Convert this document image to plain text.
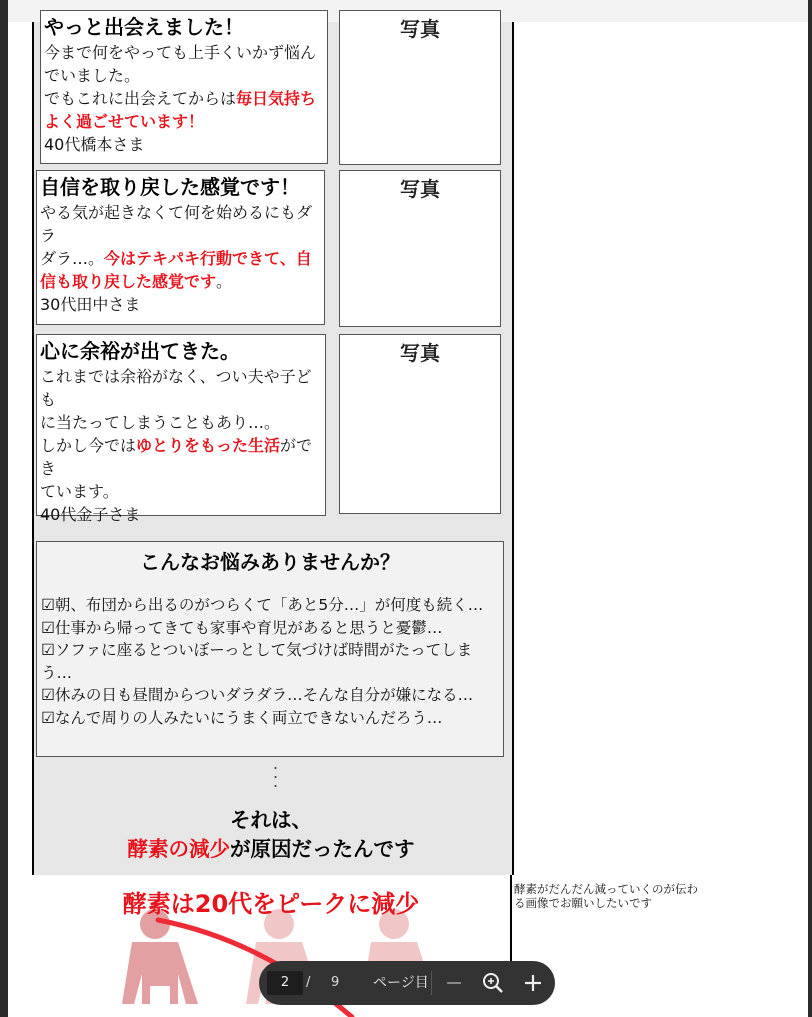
やっと出会えました！
今まで何をやっても上手くいかず悩ん
でいました。
でもこれに出会えてからは毎日気持ち
よく過ごせています！
40代橋本さま
写真
自信を取り戻した感覚です！
やる気が起きなくて何を始めるにもダラ
ダラ…。今はテキパキ行動できて、自
信も取り戻した感覚です。
30代田中さま
写真
心に余裕が出てきた。
これまでは余裕がなく、つい夫や子ども
に当たってしまうこともあり…。
しかし今ではゆとりをもった生活ができ
ています。
40代金子さま
写真
こんなお悩みありませんか？
☑朝、布団から出るのがつらくて「あと5分…」が何度も続く…
☑仕事から帰ってきても家事や育児があると思うと憂鬱…
☑ソファに座るとついぼーっとして気づけば時間がたってしまう…
☑休みの日も昼間からついダラダラ…そんな自分が嫌になる…
☑なんで周りの人みたいにうまく両立できないんだろう…
・
・
・
それは、
酵素の減少が原因だったんです
酵素は20代をピークに減少
酵素がだんだん減っていくのが伝わる画像でお願いしたいです
2	/ 9 ページ目
